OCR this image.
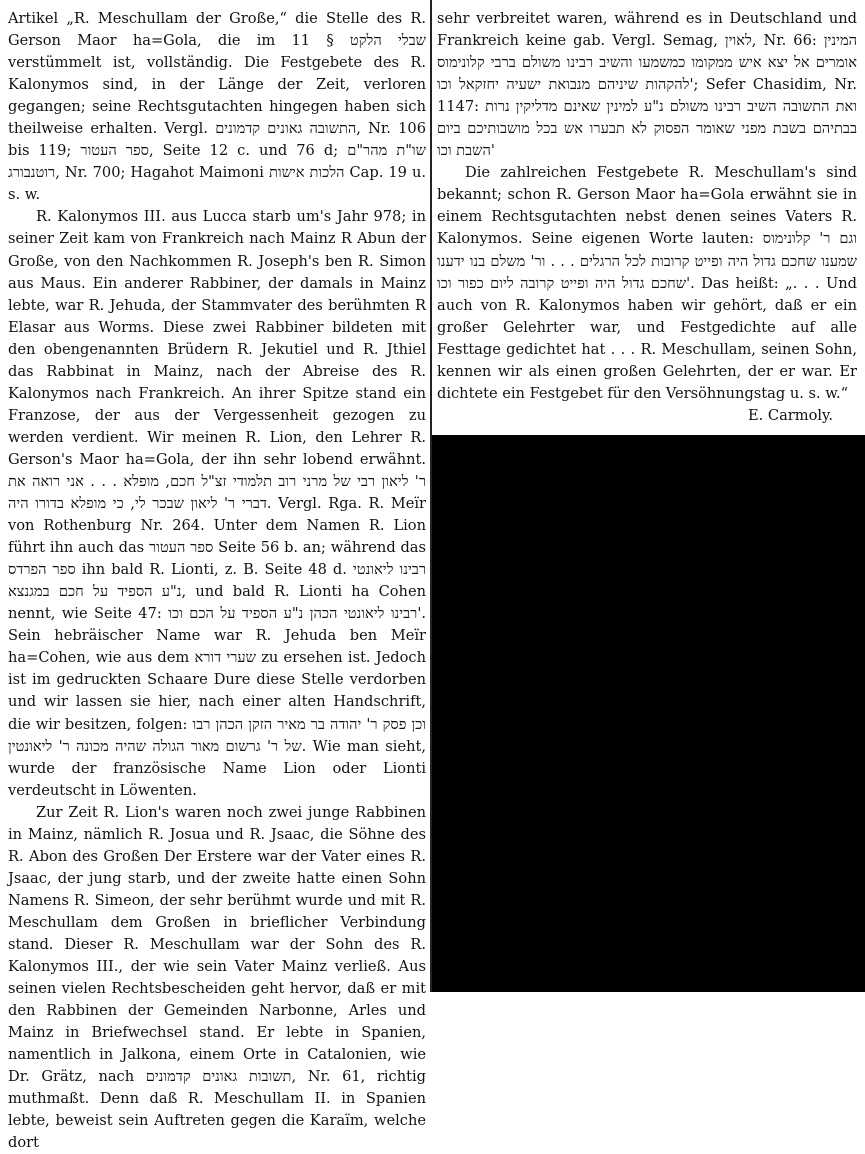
Artikel „R. Meschullam der Große,“ die Stelle des R. Gerson Maor ha=Gola, die im שבלי הלקט § 11 verstümmelt ist, vollständig. Die Festgebete des R. Kalonymos sind, in der Länge der Zeit, verloren gegangen; seine Rechtsgutachten hingegen haben sich theilweise erhalten. Vergl. התשובה גאונים קדמונים, Nr. 106 bis 119; ספר העטור, Seite 12 c. und 76 d; שו"ת מהר"ם רוטנבורג, Nr. 700; Hagahot Maimoni הלכות אישות Cap. 19 u. s. w.

R. Kalonymos III. aus Lucca starb um's Jahr 978; in seiner Zeit kam von Frankreich nach Mainz R Abun der Große, von den Nachkommen R. Joseph's ben R. Simon aus Maus. Ein anderer Rabbiner, der damals in Mainz lebte, war R. Jehuda, der Stammvater des berühmten R Elasar aus Worms. Diese zwei Rabbiner bildeten mit den obengenannten Brüdern R. Jekutiel und R. Jthiel das Rabbinat in Mainz, nach der Abreise des R. Kalonymos nach Frankreich. An ihrer Spitze stand ein Franzose, der aus der Vergessenheit gezogen zu werden verdient. Wir meinen R. Lion, den Lehrer R. Gerson's Maor ha=Gola, der ihn sehr lobend erwähnt. ר' ליאון רבי של מרני רוב תלמודי זצ"ל חכם, מופלא . . . אני רואה את דברי ר' ליאון שבכר לי, כי מופלא בדורו היה. Vergl. Rga. R. Meïr von Rothenburg Nr. 264. Unter dem Namen R. Lion führt ihn auch das ספר העטור Seite 56 b. an; während das ספר הפרדס ihn bald R. Lionti, z. B. Seite 48 d. רבינו ליאונטי נ"ע הספיד על חכם במגנצא, und bald R. Lionti ha Cohen nennt, wie Seite 47: רבינו ליאונטי הכהן נ"ע הספיד על הכם וכו'. Sein hebräischer Name war R. Jehuda ben Meïr ha=Cohen, wie aus dem שערי דורא zu ersehen ist. Jedoch ist im gedruckten Schaare Dure diese Stelle verdorben und wir lassen sie hier, nach einer alten Handschrift, die wir besitzen, folgen: וכן פסק ר' יהודה בר מאיר הזקן הכהן רבו של ר' גרשום מאור הגולה שהיה מכונה ר' ליאונטין. Wie man sieht, wurde der französische Name Lion oder Lionti verdeutscht in Löwenten.

Zur Zeit R. Lion's waren noch zwei junge Rabbinen in Mainz, nämlich R. Josua und R. Jsaac, die Söhne des R. Abon des Großen Der Erstere war der Vater eines R. Jsaac, der jung starb, und der zweite hatte einen Sohn Namens R. Simeon, der sehr berühmt wurde und mit R. Meschullam dem Großen in brieflicher Verbindung stand. Dieser R. Meschullam war der Sohn des R. Kalonymos III., der wie sein Vater Mainz verließ. Aus seinen vielen Rechtsbescheiden geht hervor, daß er mit den Rabbinen der Gemeinden Narbonne, Arles und Mainz in Briefwechsel stand. Er lebte in Spanien, namentlich in Jalkona, einem Orte in Catalonien, wie Dr. Grätz, nach תשובות גאונים קדמונים, Nr. 61, richtig muthmaßt. Denn daß R. Meschullam II. in Spanien lebte, beweist sein Auftreten gegen die Karaïm, welche dort

sehr verbreitet waren, während es in Deutschland und Frankreich keine gab. Vergl. Semag, לאוין, Nr. 66: המינין אומרים אל יצא איש ממקומו כמשמעו והשיב רבינו משולם ברבי קלונימוס להקהות שיניהם מנבואת ישעיה יחזקאל וכו'; Sefer Chasidim, Nr. 1147: ואת התשובה השיב רבינו משולם נ"ע למינין שאינם מדליקין נרות בבתיהם בשבת מפני שאומר הפסוק לא תבערו אש בכל מושבותיכם ביום השבת וכו'

Die zahlreichen Festgebete R. Meschullam's sind bekannt; schon R. Gerson Maor ha=Gola erwähnt sie in einem Rechtsgutachten nebst denen seines Vaters R. Kalonymos. Seine eigenen Worte lauten: וגם ר' קלונימוס שמענו שחכם גדול היה ופייט קרובות לכל הרגלים . . . ור' משלם בנו ידענו שחכם גדול היה ופייט קרובה ליום כפור וכו'. Das heißt: „. . . Und auch von R. Kalonymos haben wir gehört, daß er ein großer Gelehrter war, und Festgedichte auf alle Festtage gedichtet hat . . . R. Meschullam, seinen Sohn, kennen wir als einen großen Gelehrten, der er war. Er dichtete ein Festgebet für den Versöhnungstag u. s. w.“

E. Carmoly.
